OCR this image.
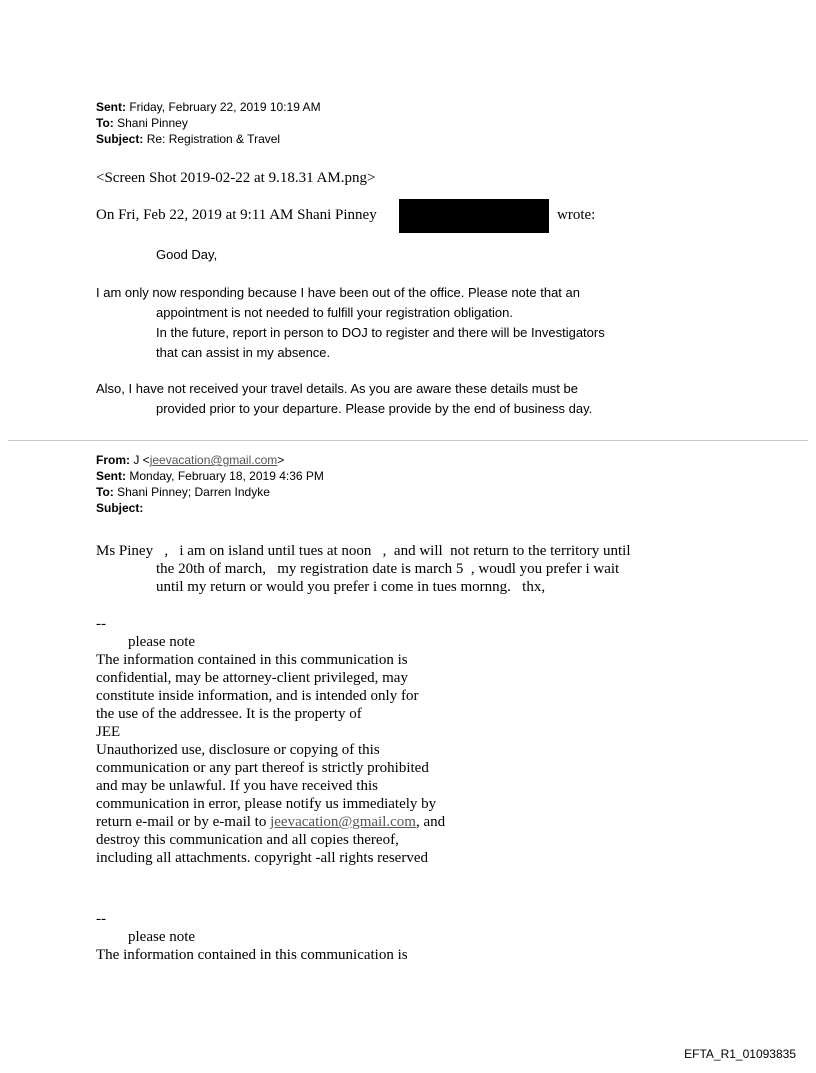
Sent: Friday, February 22, 2019 10:19 AM
To: Shani Pinney
Subject: Re: Registration & Travel
<Screen Shot 2019-02-22 at 9.18.31 AM.png>
On Fri, Feb 22, 2019 at 9:11 AM Shani Pinney	wrote:
Good Day,
I am only now responding because I have been out of the office. Please note that an
appointment is not needed to fulfill your registration obligation.
In the future, report in person to DOJ to register and there will be Investigators
that can assist in my absence.
Also, I have not received your travel details. As you are aware these details must be
provided prior to your departure. Please provide by the end of business day.
From: J <jeevacation@gmail.com>
Sent: Monday, February 18, 2019 4:36 PM
To: Shani Pinney; Darren Indyke
Subject:
Ms Piney   ,   i am on island until tues at noon   ,  and will  not return to the territory until
the 20th of march,   my registration date is march 5  , woudl you prefer i wait
until my return or would you prefer i come in tues mornng.   thx,
--
please note
The information contained in this communication is
confidential, may be attorney-client privileged, may
constitute inside information, and is intended only for
the use of the addressee. It is the property of
JEE
Unauthorized use, disclosure or copying of this
communication or any part thereof is strictly prohibited
and may be unlawful. If you have received this
communication in error, please notify us immediately by
return e-mail or by e-mail to jeevacation@gmail.com, and
destroy this communication and all copies thereof,
including all attachments. copyright -all rights reserved
--
please note
The information contained in this communication is
EFTA_R1_01093835
